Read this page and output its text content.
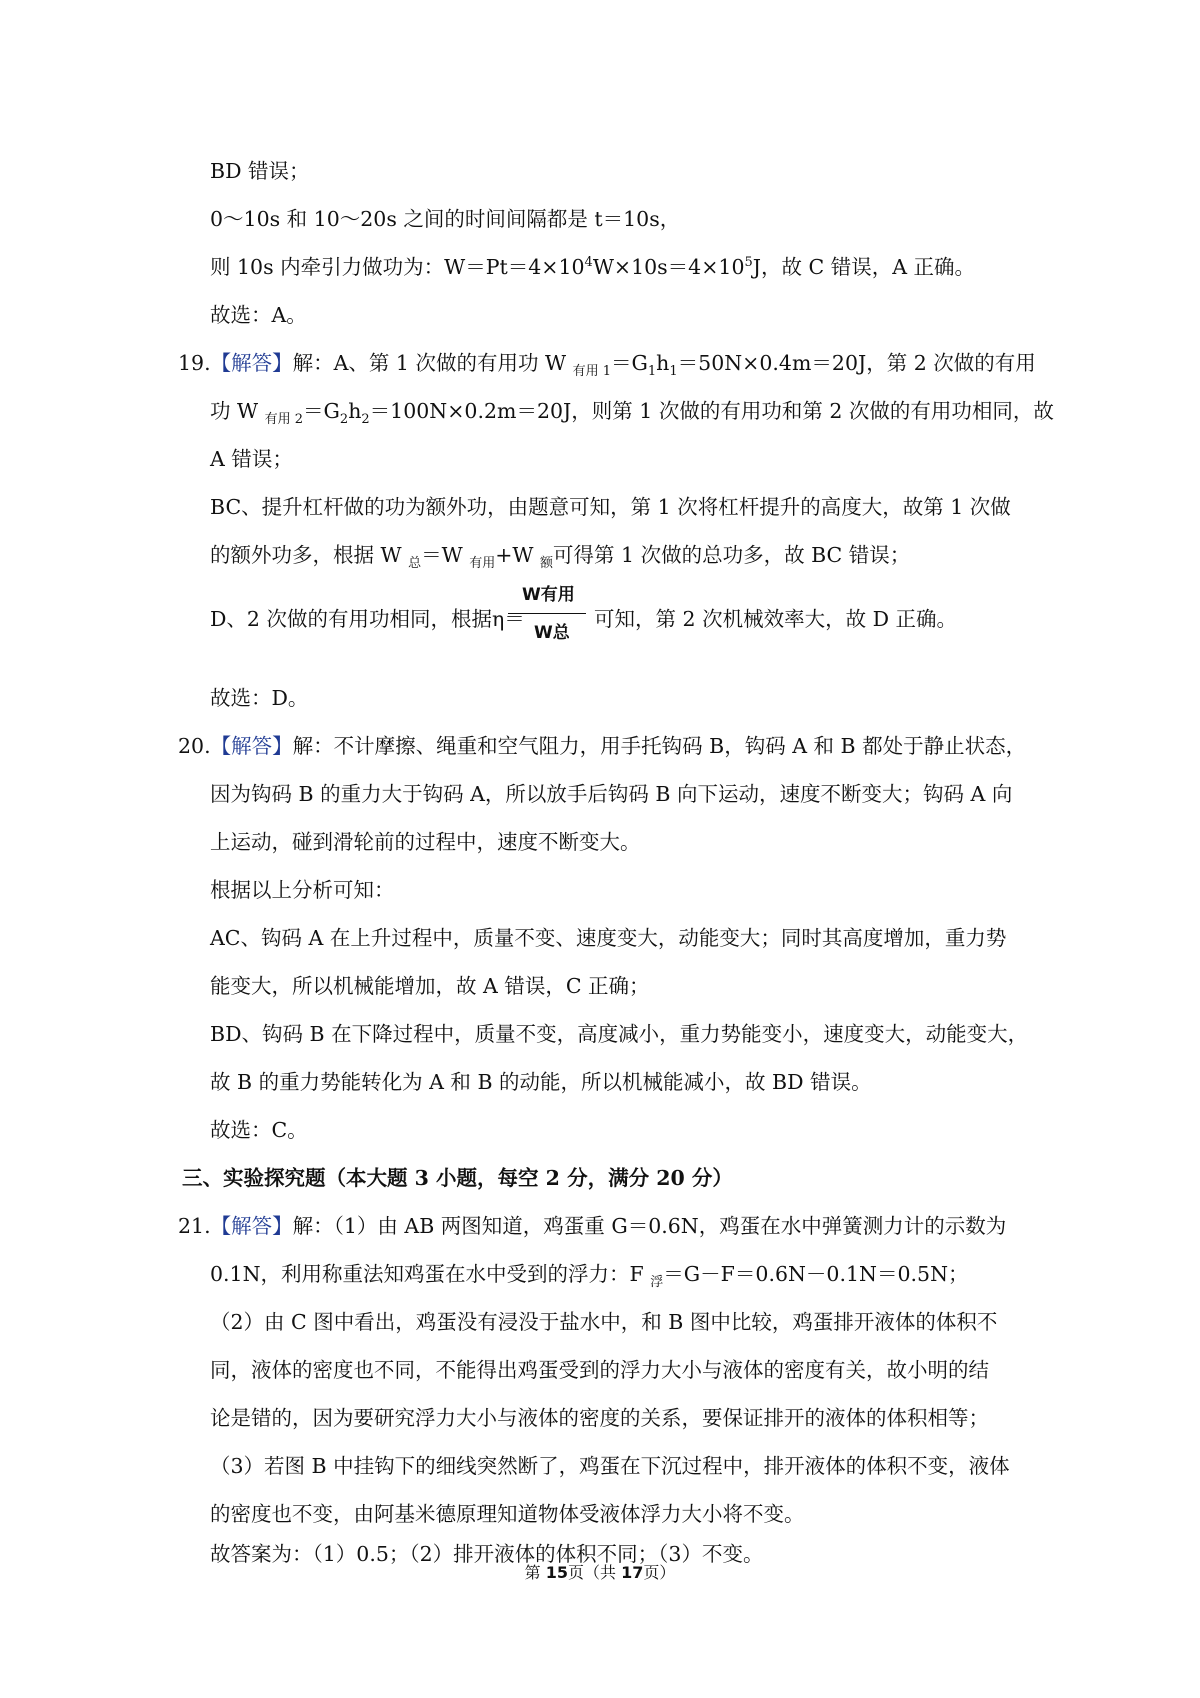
BD 错误；
0～10s 和 10～20s 之间的时间间隔都是 t＝10s，
则 10s 内牵引力做功为：$W=Pt=4\times 10^4W\times 10s=4\times 10^5J$，故 C 错误，A 正确。
故选：A。
19.【解答】解：A、第 1 次做的有用功 W $_{有用 1}=G_1h_1=50N\times 0.4m=20J$，第 2 次做的有用
功 W $_{有用 2}=G_2h_2=100N\times 0.2m=20J$，则第 1 次做的有用功和第 2 次做的有用功相同，故
A 错误；
BC、提升杠杆做的功为额外功，由题意可知，第 1 次将杠杆提升的高度大，故第 1 次做
的额外功多，根据 W $_总$＝W $_{有用}$+W $_额$可得第 1 次做的总功多，故 BC 错误；
D、2 次做的有用功相同，根据η＝
W有用
W总
可知，第 2 次机械效率大，故 D 正确。
故选：D。
20.【解答】解：不计摩擦、绳重和空气阻力，用手托钩码 B，钩码 A 和 B 都处于静止状态，
因为钩码 B 的重力大于钩码 A，所以放手后钩码 B 向下运动，速度不断变大；钩码 A 向
上运动，碰到滑轮前的过程中，速度不断变大。
根据以上分析可知：
AC、钩码 A 在上升过程中，质量不变、速度变大，动能变大；同时其高度增加，重力势
能变大，所以机械能增加，故 A 错误，C 正确；
BD、钩码 B 在下降过程中，质量不变，高度减小，重力势能变小，速度变大，动能变大，
故 B 的重力势能转化为 A 和 B 的动能，所以机械能减小，故 BD 错误。
故选：C。
三、实验探究题（本大题 3 小题，每空 2 分，满分 20 分）
21.【解答】解：（1）由 AB 两图知道，鸡蛋重 G＝0.6N，鸡蛋在水中弹簧测力计的示数为
0.1N，利用称重法知鸡蛋在水中受到的浮力：F $_浮$＝G－F＝0.6N－0.1N＝0.5N；
（2）由 C 图中看出，鸡蛋没有浸没于盐水中，和 B 图中比较，鸡蛋排开液体的体积不
同，液体的密度也不同，不能得出鸡蛋受到的浮力大小与液体的密度有关，故小明的结
论是错的，因为要研究浮力大小与液体的密度的关系，要保证排开的液体的体积相等；
（3）若图 B 中挂钩下的细线突然断了，鸡蛋在下沉过程中，排开液体的体积不变，液体
的密度也不变，由阿基米德原理知道物体受液体浮力大小将不变。
故答案为：（1）0.5；（2）排开液体的体积不同；（3）不变。
第 15页（共 17页）
